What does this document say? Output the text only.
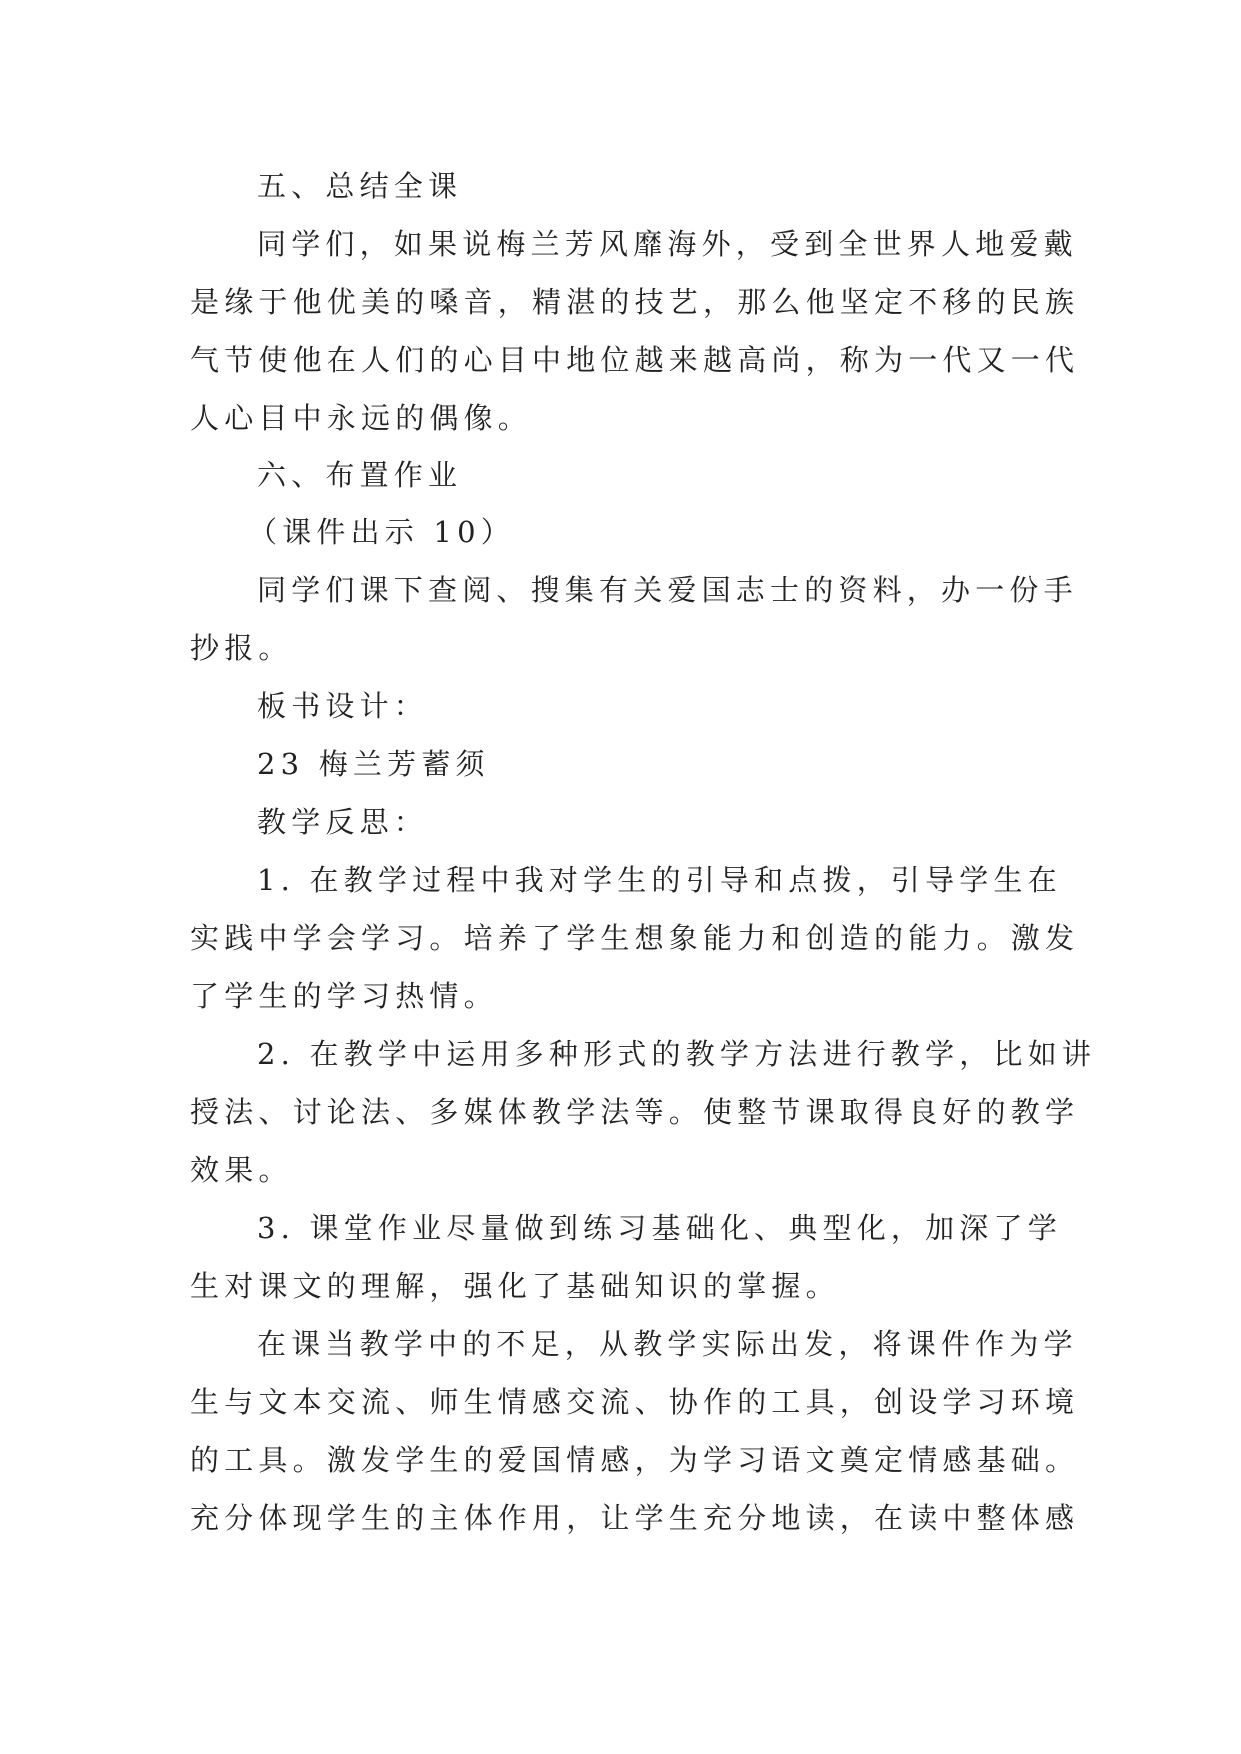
五、总结全课
同学们，如果说梅兰芳风靡海外，受到全世界人地爱戴
是缘于他优美的嗓音，精湛的技艺，那么他坚定不移的民族
气节使他在人们的心目中地位越来越高尚，称为一代又一代
人心目中永远的偶像。
六、布置作业
（课件出示 10）
同学们课下查阅、搜集有关爱国志士的资料，办一份手
抄报。
板书设计：
23 梅兰芳蓄须
教学反思：
1. 在教学过程中我对学生的引导和点拨，引导学生在
实践中学会学习。培养了学生想象能力和创造的能力。激发
了学生的学习热情。
2. 在教学中运用多种形式的教学方法进行教学，比如讲
授法、讨论法、多媒体教学法等。使整节课取得良好的教学
效果。
3. 课堂作业尽量做到练习基础化、典型化，加深了学
生对课文的理解，强化了基础知识的掌握。
在课当教学中的不足，从教学实际出发，将课件作为学
生与文本交流、师生情感交流、协作的工具，创设学习环境
的工具。激发学生的爱国情感，为学习语文奠定情感基础。
充分体现学生的主体作用，让学生充分地读，在读中整体感
